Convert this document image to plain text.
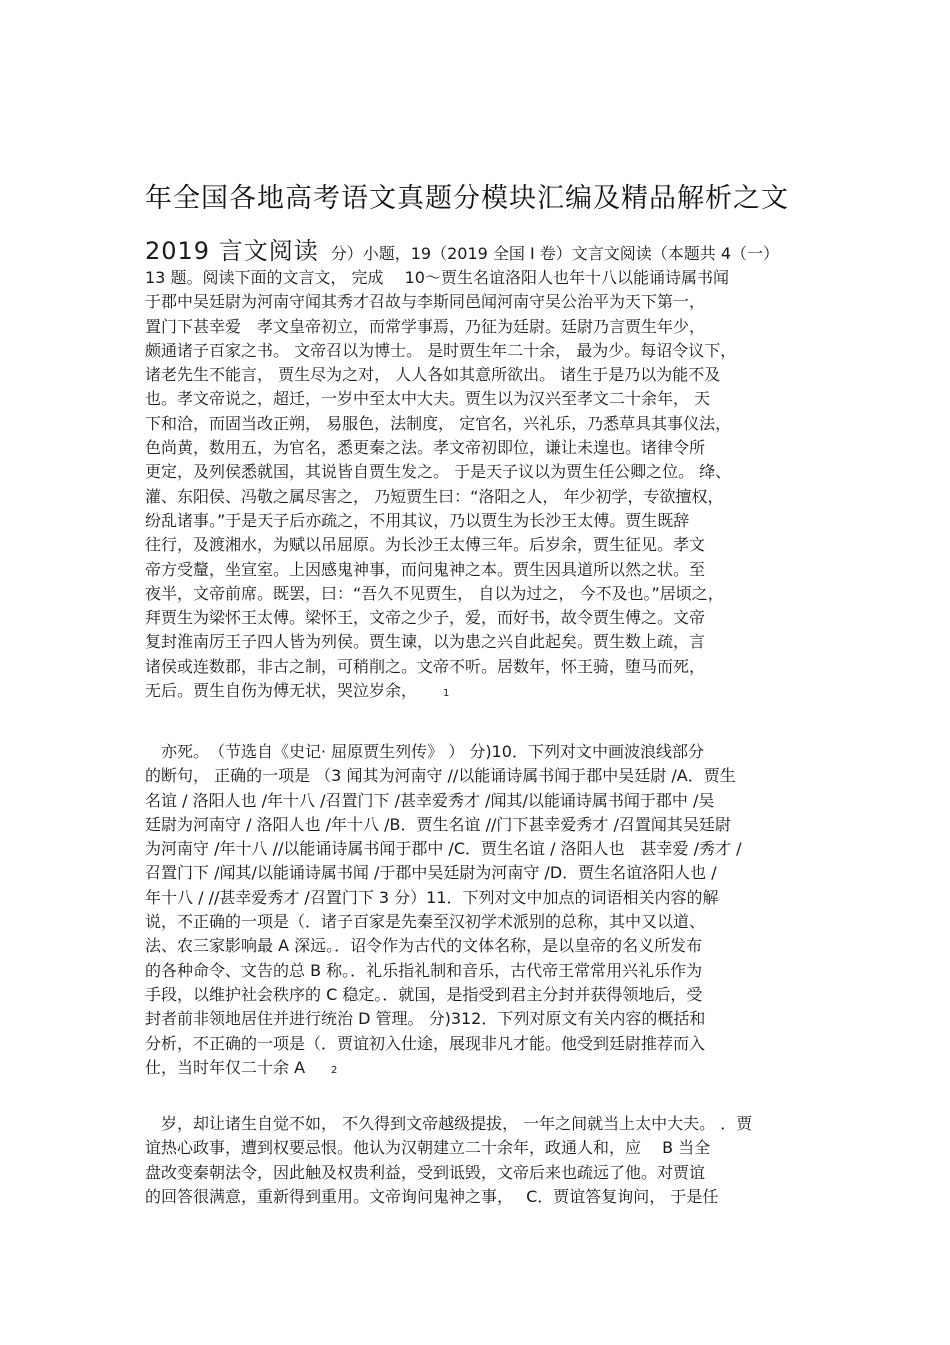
年全国各地高考语文真题分模块汇编及精品解析之文
2019 言文阅读 分）小题，19（2019 全国 I 卷）文言文阅读（本题共 4（一）
13 题。阅读下面的文言文， 完成　 10～贾生名谊洛阳人也年十八以能诵诗属书闻
于郡中吴廷尉为河南守闻其秀才召故与李斯同邑闻河南守吴公治平为天下第一，
置门下甚幸爱　孝文皇帝初立，而常学事焉，乃征为廷尉。廷尉乃言贾生年少，
颇通诸子百家之书。 文帝召以为博士。 是时贾生年二十余， 最为少。每诏令议下，
诸老先生不能言， 贾生尽为之对， 人人各如其意所欲出。 诸生于是乃以为能不及
也。孝文帝说之，超迁，一岁中至太中大夫。贾生以为汉兴至孝文二十余年， 天
下和洽，而固当改正朔， 易服色，法制度， 定官名，兴礼乐，乃悉草具其事仪法，
色尚黄，数用五，为官名，悉更秦之法。孝文帝初即位，谦让未遑也。诸律令所
更定，及列侯悉就国，其说皆自贾生发之。 于是天子议以为贾生任公卿之位。 绛、
灌、东阳侯、冯敬之属尽害之， 乃短贾生曰：“洛阳之人， 年少初学，专欲擅权，
纷乱诸事。”于是天子后亦疏之，不用其议，乃以贾生为长沙王太傅。贾生既辞
往行，及渡湘水，为赋以吊屈原。为长沙王太傅三年。后岁余，贾生征见。孝文
帝方受釐，坐宣室。上因感鬼神事，而问鬼神之本。贾生因具道所以然之状。至
夜半，文帝前席。既罢，曰：“吾久不见贾生， 自以为过之， 今不及也。”居顷之，
拜贾生为梁怀王太傅。梁怀王，文帝之少子，爱，而好书，故令贾生傅之。文帝
复封淮南厉王子四人皆为列侯。贾生谏，以为患之兴自此起矣。贾生数上疏，言
诸侯或连数郡，非古之制，可稍削之。文帝不听。居数年，怀王骑，堕马而死，
无后。贾生自伤为傅无状，哭泣岁余，	1
　亦死。　（节选自《史记· 屈原贾生列传》 ） 分)10．下列对文中画波浪线部分
的断句， 正确的一项是 （3 闻其为河南守 //以能诵诗属书闻于郡中吴廷尉 /A．贾生
名谊 / 洛阳人也 /年十八 /召置门下 /甚幸爱秀才 /闻其/以能诵诗属书闻于郡中 /吴
廷尉为河南守 / 洛阳人也 /年十八 /B．贾生名谊 //门下甚幸爱秀才 /召置闻其吴廷尉
为河南守 /年十八 //以能诵诗属书闻于郡中 /C．贾生名谊 / 洛阳人也　甚幸爱 /秀才 /
召置门下 /闻其/以能诵诗属书闻 /于郡中吴廷尉为河南守 /D．贾生名谊洛阳人也 /
年十八 / //甚幸爱秀才 /召置门下 3 分）11．下列对文中加点的词语相关内容的解
说，不正确的一项是（．诸子百家是先秦至汉初学术派别的总称，其中又以道、
法、农三家影响最 A 深远。．诏令作为古代的文体名称，是以皇帝的名义所发布
的各种命令、文告的总 B 称。．礼乐指礼制和音乐，古代帝王常常用兴礼乐作为
手段，以维护社会秩序的 C 稳定。．就国，是指受到君主分封并获得领地后，受
封者前非领地居住并进行统治 D 管理。 分)312．下列对原文有关内容的概括和
分析，不正确的一项是（．贾谊初入仕途，展现非凡才能。他受到廷尉推荐而入
仕，当时年仅二十余 A	2
　岁，却让诸生自觉不如， 不久得到文帝越级提拔， 一年之间就当上太中大夫。 ．贾
谊热心政事，遭到权要忌恨。他认为汉朝建立二十余年，政通人和，应　 B 当全
盘改变秦朝法令，因此触及权贵利益，受到诋毁，文帝后来也疏远了他。对贾谊
的回答很满意，重新得到重用。文帝询问鬼神之事，　 C．贾谊答复询问， 于是任
